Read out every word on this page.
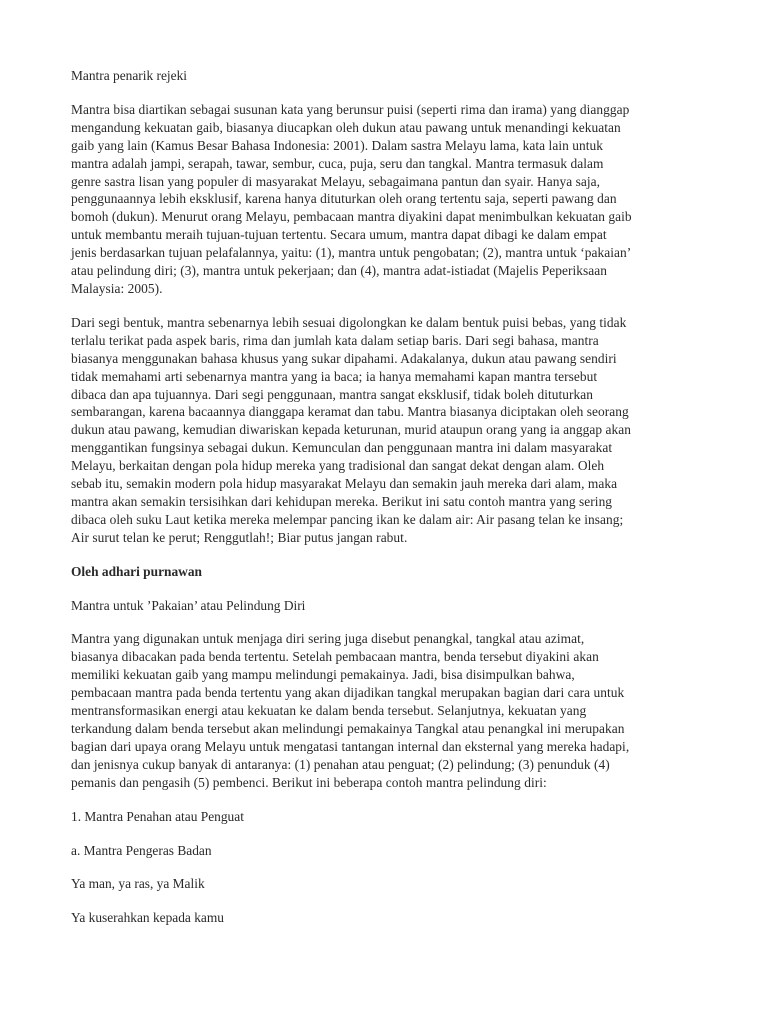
Mantra penarik rejeki

Mantra bisa diartikan sebagai susunan kata yang berunsur puisi (seperti rima dan irama) yang dianggap
mengandung kekuatan gaib, biasanya diucapkan oleh dukun atau pawang untuk menandingi kekuatan
gaib yang lain (Kamus Besar Bahasa Indonesia: 2001). Dalam sastra Melayu lama, kata lain untuk
mantra adalah jampi, serapah, tawar, sembur, cuca, puja, seru dan tangkal. Mantra termasuk dalam
genre sastra lisan yang populer di masyarakat Melayu, sebagaimana pantun dan syair. Hanya saja,
penggunaannya lebih eksklusif, karena hanya dituturkan oleh orang tertentu saja, seperti pawang dan
bomoh (dukun). Menurut orang Melayu, pembacaan mantra diyakini dapat menimbulkan kekuatan gaib
untuk membantu meraih tujuan-tujuan tertentu. Secara umum, mantra dapat dibagi ke dalam empat
jenis berdasarkan tujuan pelafalannya, yaitu: (1), mantra untuk pengobatan; (2), mantra untuk ‘pakaian’
atau pelindung diri; (3), mantra untuk pekerjaan; dan (4), mantra adat-istiadat (Majelis Peperiksaan
Malaysia: 2005).
Dari segi bentuk, mantra sebenarnya lebih sesuai digolongkan ke dalam bentuk puisi bebas, yang tidak
terlalu terikat pada aspek baris, rima dan jumlah kata dalam setiap baris. Dari segi bahasa, mantra
biasanya menggunakan bahasa khusus yang sukar dipahami. Adakalanya, dukun atau pawang sendiri
tidak memahami arti sebenarnya mantra yang ia baca; ia hanya memahami kapan mantra tersebut
dibaca dan apa tujuannya. Dari segi penggunaan, mantra sangat eksklusif, tidak boleh dituturkan
sembarangan, karena bacaannya dianggapa keramat dan tabu. Mantra biasanya diciptakan oleh seorang
dukun atau pawang, kemudian diwariskan kepada keturunan, murid ataupun orang yang ia anggap akan
menggantikan fungsinya sebagai dukun. Kemunculan dan penggunaan mantra ini dalam masyarakat
Melayu, berkaitan dengan pola hidup mereka yang tradisional dan sangat dekat dengan alam. Oleh
sebab itu, semakin modern pola hidup masyarakat Melayu dan semakin jauh mereka dari alam, maka
mantra akan semakin tersisihkan dari kehidupan mereka. Berikut ini satu contoh mantra yang sering
dibaca oleh suku Laut ketika mereka melempar pancing ikan ke dalam air: Air pasang telan ke insang;
Air surut telan ke perut; Renggutlah!; Biar putus jangan rabut.

Oleh adhari purnawan

Mantra untuk ’Pakaian’ atau Pelindung Diri

Mantra yang digunakan untuk menjaga diri sering juga disebut penangkal, tangkal atau azimat,
biasanya dibacakan pada benda tertentu. Setelah pembacaan mantra, benda tersebut diyakini akan
memiliki kekuatan gaib yang mampu melindungi pemakainya. Jadi, bisa disimpulkan bahwa,
pembacaan mantra pada benda tertentu yang akan dijadikan tangkal merupakan bagian dari cara untuk
mentransformasikan energi atau kekuatan ke dalam benda tersebut. Selanjutnya, kekuatan yang
terkandung dalam benda tersebut akan melindungi pemakainya Tangkal atau penangkal ini merupakan
bagian dari upaya orang Melayu untuk mengatasi tantangan internal dan eksternal yang mereka hadapi,
dan jenisnya cukup banyak di antaranya: (1) penahan atau penguat; (2) pelindung; (3) penunduk (4)
pemanis dan pengasih (5) pembenci. Berikut ini beberapa contoh mantra pelindung diri:

1. Mantra Penahan atau Penguat

a. Mantra Pengeras Badan

Ya man, ya ras, ya Malik

Ya kuserahkan kepada kamu
